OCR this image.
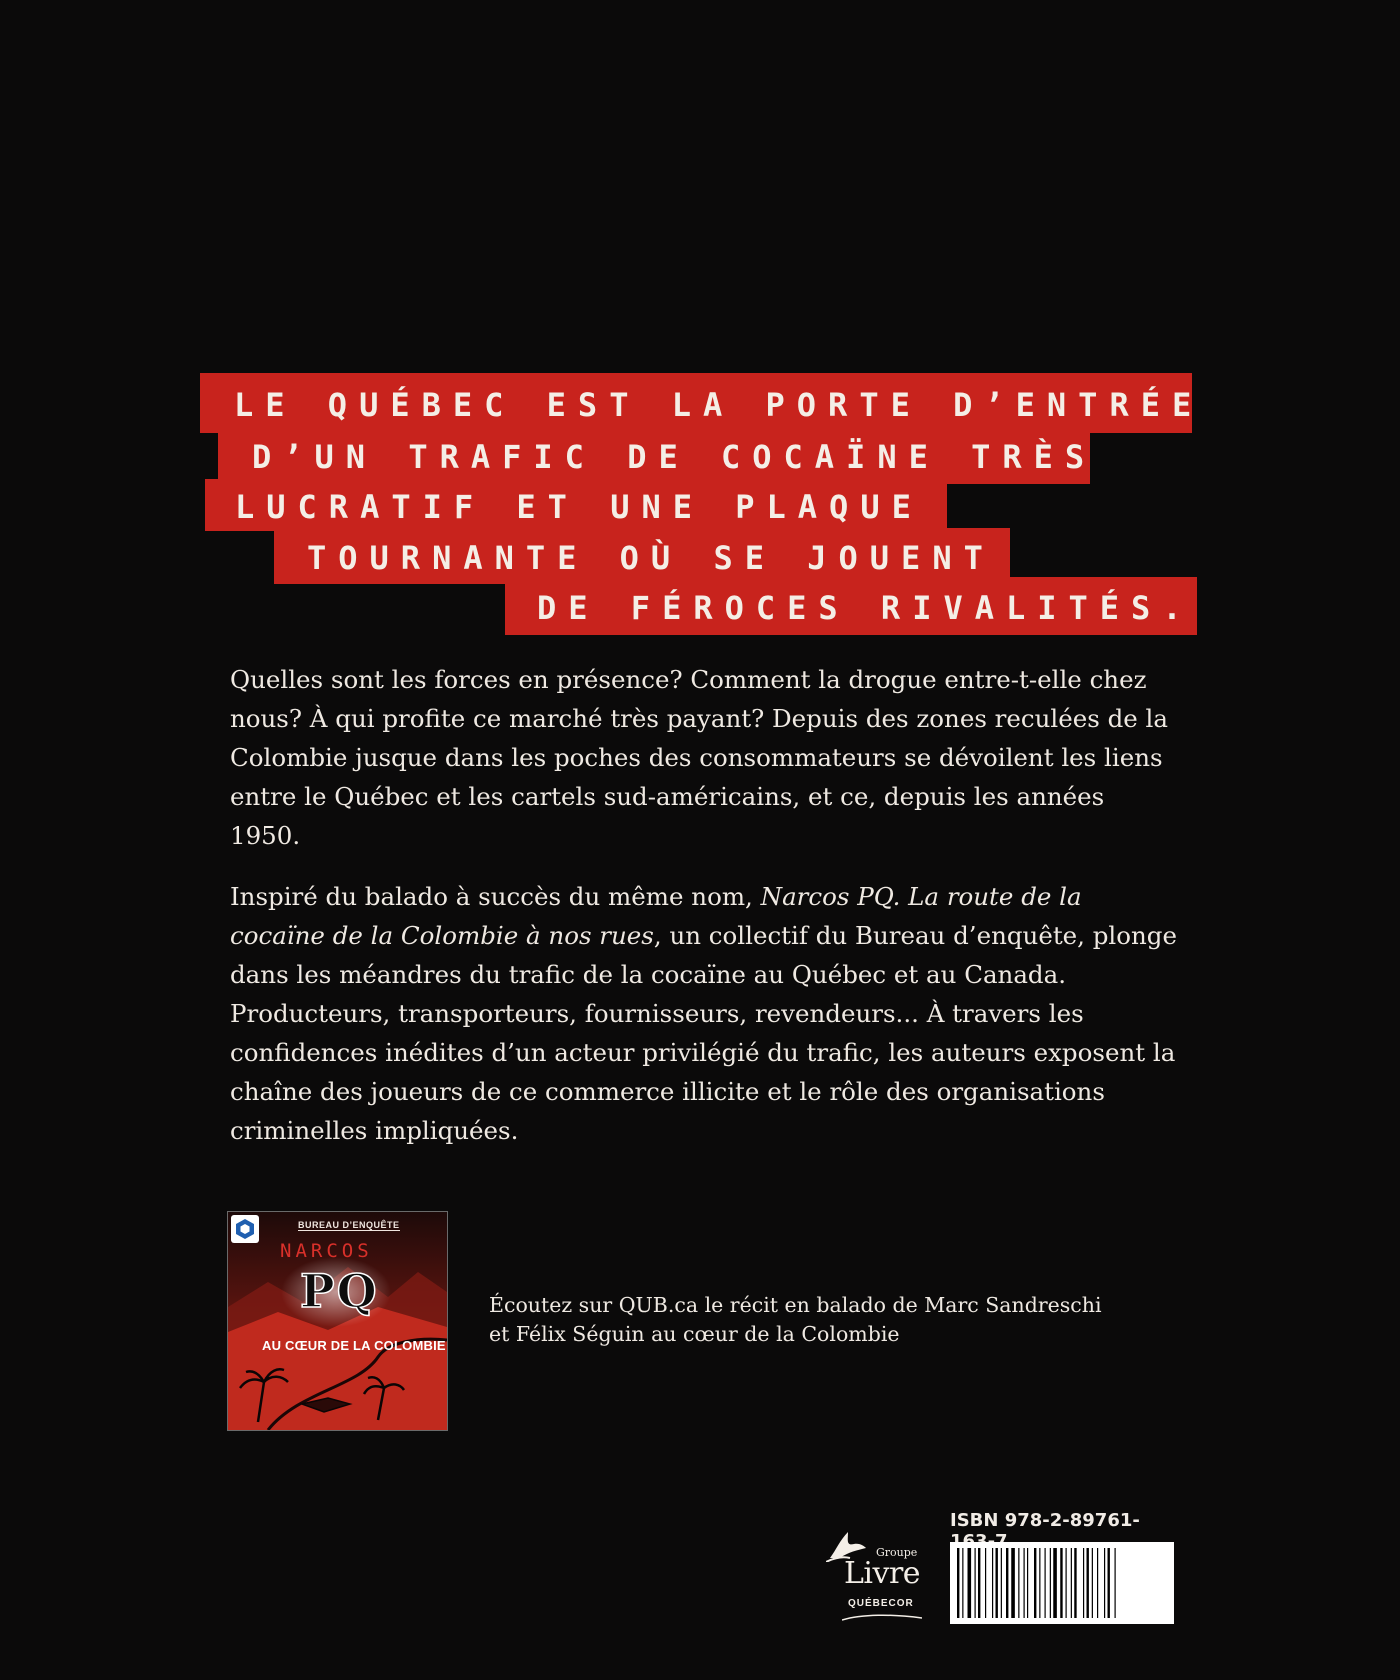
LE QUÉBEC EST LA PORTE D’ENTRÉE
D’UN TRAFIC DE COCAÏNE TRÈS
LUCRATIF ET UNE PLAQUE
TOURNANTE OÙ SE JOUENT
DE FÉROCES RIVALITÉS.

Quelles sont les forces en présence? Comment la drogue entre-t-elle chez nous? À qui profite ce marché très payant? Depuis des zones reculées de la Colombie jusque dans les poches des consommateurs se dévoilent les liens entre le Québec et les cartels sud-américains, et ce, depuis les années 1950.

Inspiré du balado à succès du même nom, Narcos PQ. La route de la cocaïne de la Colombie à nos rues, un collectif du Bureau d’enquête, plonge dans les méandres du trafic de la cocaïne au Québec et au Canada. Producteurs, transporteurs, fournisseurs, revendeurs... À travers les confidences inédites d’un acteur privilégié du trafic, les auteurs exposent la chaîne des joueurs de ce commerce illicite et le rôle des organisations criminelles impliquées.

BUREAU D’ENQUÊTE
NARCOS
PQ
AU CŒUR DE LA COLOMBIE
Écoutez sur QUB.ca le récit en balado de Marc Sandreschi
et Félix Séguin au cœur de la Colombie
Groupe
Livre
QUÉBECOR
ISBN 978-2-89761-
